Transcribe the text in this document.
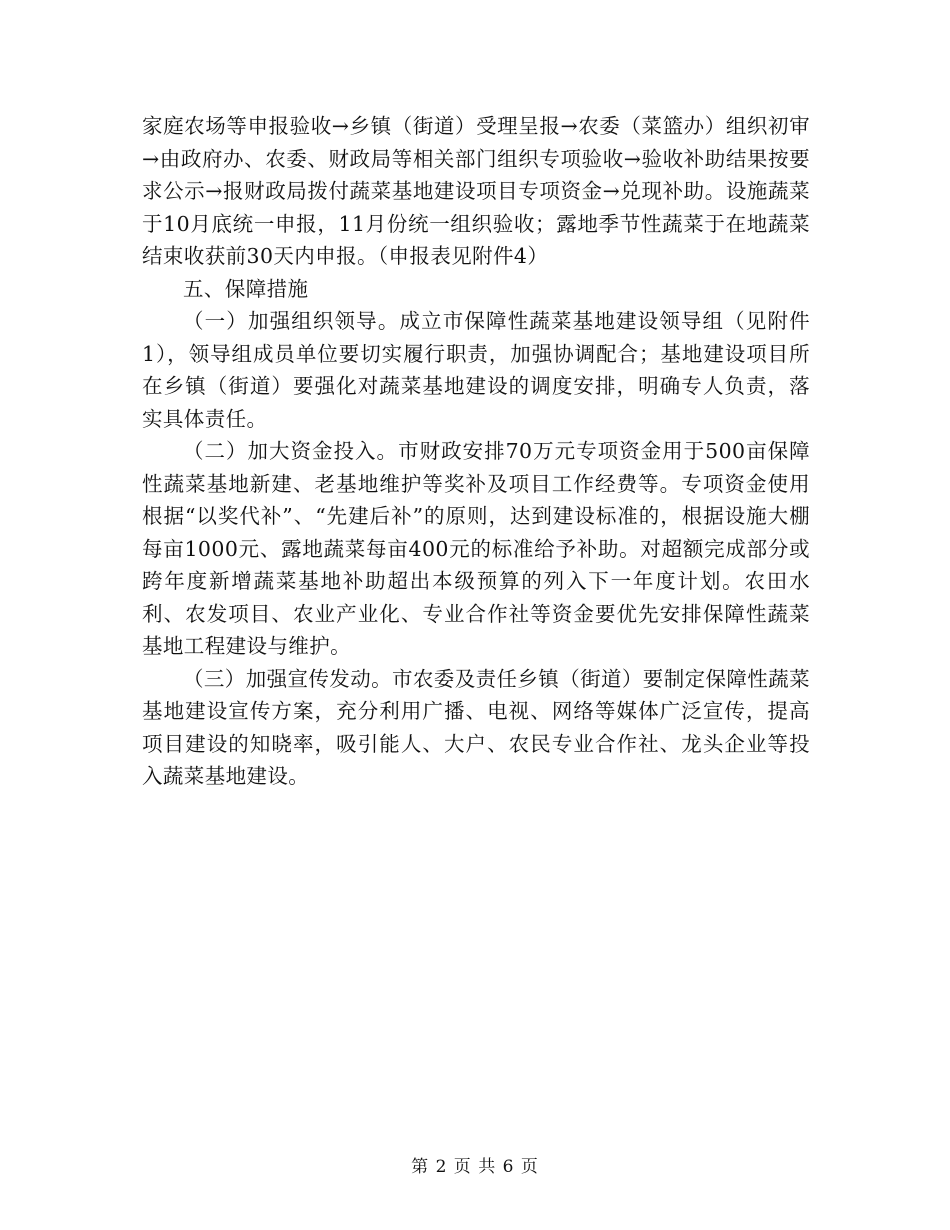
家庭农场等申报验收→乡镇（街道）受理呈报→农委（菜篮办）组织初审→由政府办、农委、财政局等相关部门组织专项验收→验收补助结果按要求公示→报财政局拨付蔬菜基地建设项目专项资金→兑现补助。设施蔬菜于10月底统一申报，11月份统一组织验收；露地季节性蔬菜于在地蔬菜结束收获前30天内申报。（申报表见附件4）

五、保障措施

（一）加强组织领导。成立市保障性蔬菜基地建设领导组（见附件1），领导组成员单位要切实履行职责，加强协调配合；基地建设项目所在乡镇（街道）要强化对蔬菜基地建设的调度安排，明确专人负责，落实具体责任。

（二）加大资金投入。市财政安排70万元专项资金用于500亩保障性蔬菜基地新建、老基地维护等奖补及项目工作经费等。专项资金使用根据“以奖代补”、“先建后补”的原则，达到建设标准的，根据设施大棚每亩1000元、露地蔬菜每亩400元的标准给予补助。对超额完成部分或跨年度新增蔬菜基地补助超出本级预算的列入下一年度计划。农田水利、农发项目、农业产业化、专业合作社等资金要优先安排保障性蔬菜基地工程建设与维护。

（三）加强宣传发动。市农委及责任乡镇（街道）要制定保障性蔬菜基地建设宣传方案，充分利用广播、电视、网络等媒体广泛宣传，提高项目建设的知晓率，吸引能人、大户、农民专业合作社、龙头企业等投入蔬菜基地建设。

第 2 页 共 6 页
